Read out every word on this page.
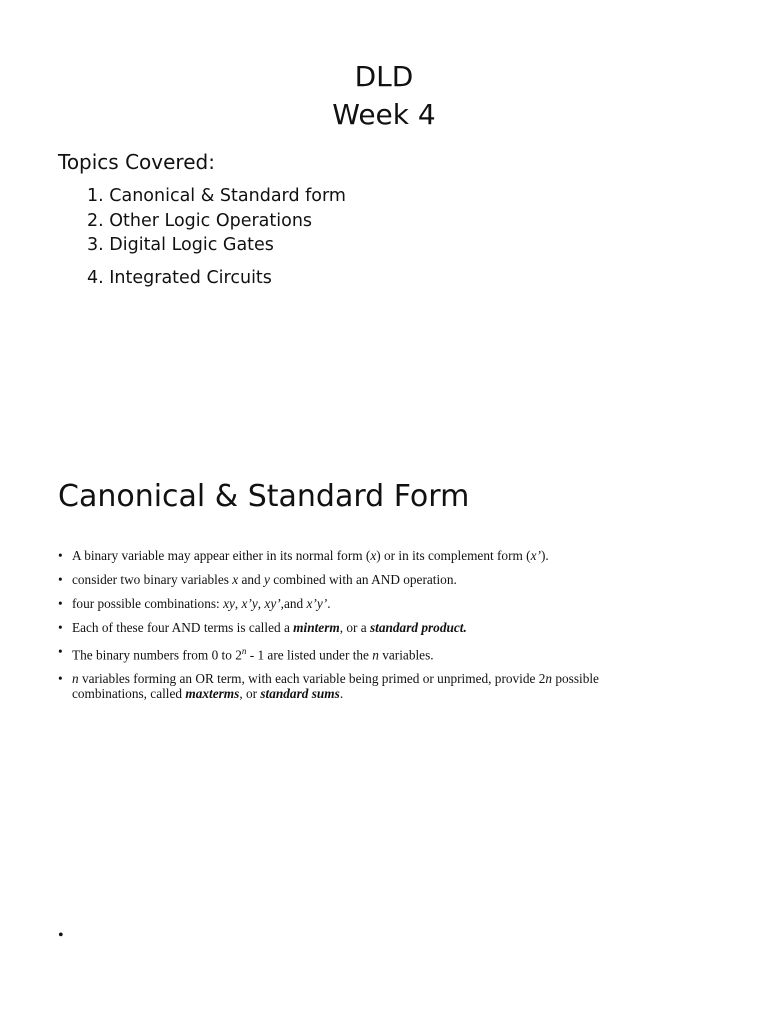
DLD
Week 4
Topics Covered:
1. Canonical & Standard form
2. Other Logic Operations
3. Digital Logic Gates
4. Integrated Circuits
Canonical & Standard Form
• A binary variable may appear either in its normal form (x) or in its complement form (x’).
• consider two binary variables x and y combined with an AND operation.
• four possible combinations: xy, x’y, xy’,and x’y’.
• Each of these four AND terms is called a minterm, or a standard product.
• The binary numbers from 0 to 2$^n$ - 1 are listed under the n variables.
• n variables forming an OR term, with each variable being primed or unprimed, provide 2n possible combinations, called maxterms, or standard sums.
•
